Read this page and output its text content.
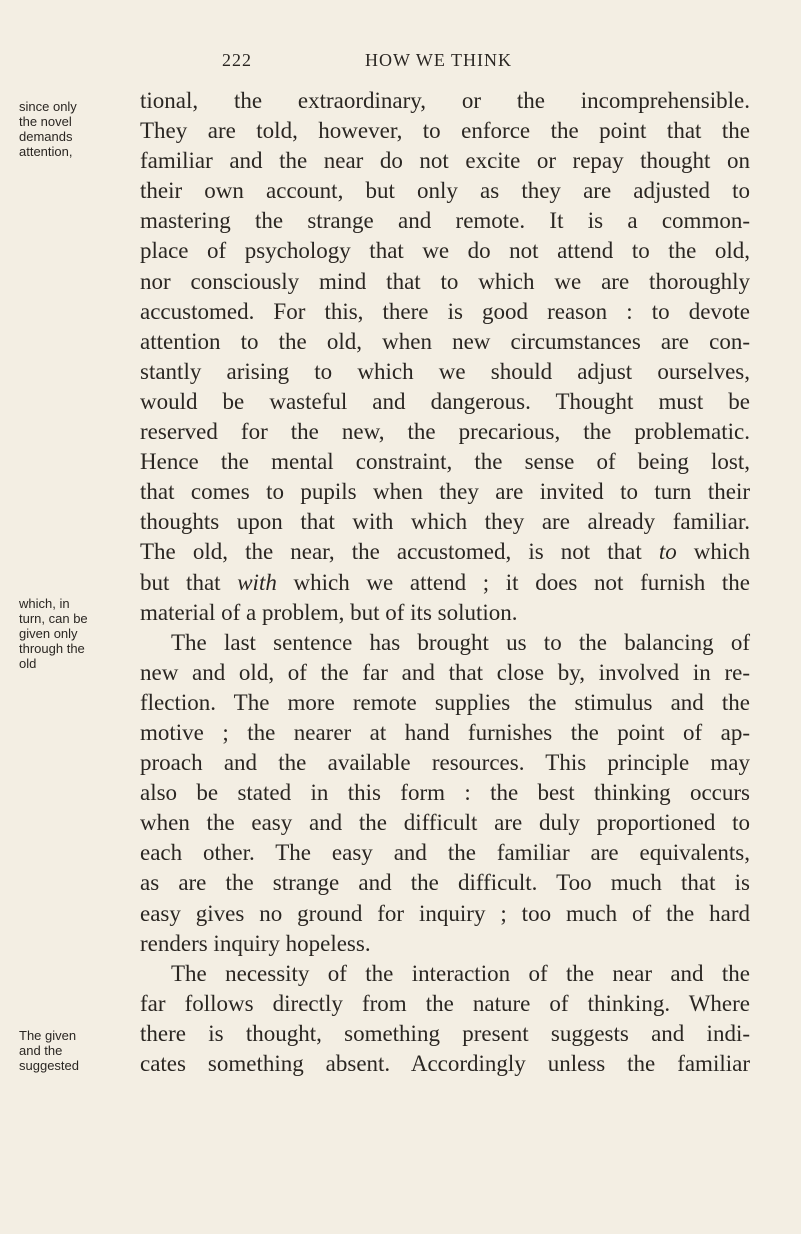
222	HOW WE THINK

since only
the novel
demands
attention,

which, in
turn, can be
given only
through the
old

The given
and the
suggested

tional, the extraordinary, or the incomprehensible.
They are told, however, to enforce the point that the
familiar and the near do not excite or repay thought on
their own account, but only as they are adjusted to
mastering the strange and remote. It is a common-
place of psychology that we do not attend to the old,
nor consciously mind that to which we are thoroughly
accustomed. For this, there is good reason : to devote
attention to the old, when new circumstances are con-
stantly arising to which we should adjust ourselves,
would be wasteful and dangerous. Thought must be
reserved for the new, the precarious, the problematic.
Hence the mental constraint, the sense of being lost,
that comes to pupils when they are invited to turn their
thoughts upon that with which they are already familiar.
The old, the near, the accustomed, is not that to which
but that with which we attend ; it does not furnish the
material of a problem, but of its solution.
The last sentence has brought us to the balancing of
new and old, of the far and that close by, involved in re-
flection. The more remote supplies the stimulus and the
motive ; the nearer at hand furnishes the point of ap-
proach and the available resources. This principle may
also be stated in this form : the best thinking occurs
when the easy and the difficult are duly proportioned to
each other. The easy and the familiar are equivalents,
as are the strange and the difficult. Too much that is
easy gives no ground for inquiry ; too much of the hard
renders inquiry hopeless.
The necessity of the interaction of the near and the
far follows directly from the nature of thinking. Where
there is thought, something present suggests and indi-
cates something absent. Accordingly unless the familiar
